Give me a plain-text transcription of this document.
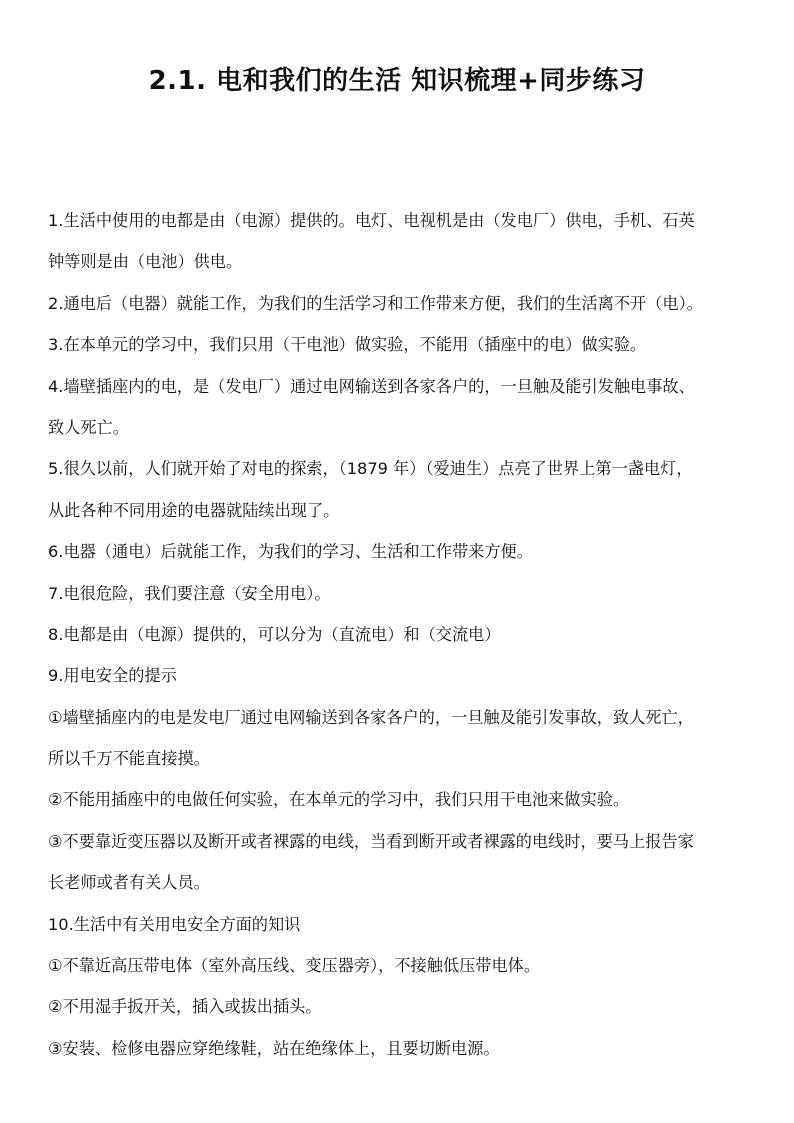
2.1. 电和我们的生活 知识梳理+同步练习
1.生活中使用的电都是由（电源）提供的。电灯、电视机是由（发电厂）供电，手机、石英
钟等则是由（电池）供电。
2.通电后（电器）就能工作，为我们的生活学习和工作带来方便，我们的生活离不开（电）。
3.在本单元的学习中，我们只用（干电池）做实验，不能用（插座中的电）做实验。
4.墙壁插座内的电，是（发电厂）通过电网输送到各家各户的，一旦触及能引发触电事故、
致人死亡。
5.很久以前，人们就开始了对电的探索，（1879 年）（爱迪生）点亮了世界上第一盏电灯，
从此各种不同用途的电器就陆续出现了。
6.电器（通电）后就能工作，为我们的学习、生活和工作带来方便。
7.电很危险，我们要注意（安全用电）。
8.电都是由（电源）提供的，可以分为（直流电）和（交流电）
9.用电安全的提示
①墙壁插座内的电是发电厂通过电网输送到各家各户的，一旦触及能引发事故，致人死亡，
所以千万不能直接摸。
②不能用插座中的电做任何实验，在本单元的学习中，我们只用干电池来做实验。
③不要靠近变压器以及断开或者裸露的电线，当看到断开或者裸露的电线时，要马上报告家
长老师或者有关人员。
10.生活中有关用电安全方面的知识
①不靠近高压带电体（室外高压线、变压器旁），不接触低压带电体。
②不用湿手扳开关，插入或拔出插头。
③安装、检修电器应穿绝缘鞋，站在绝缘体上，且要切断电源。
